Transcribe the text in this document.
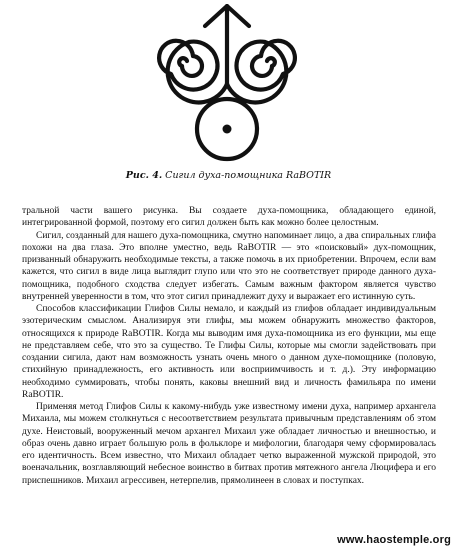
Рис. 4. Сигил духа-помощника RaBOTIR

тральной части вашего рисунка. Вы создаете духа-помощника, обладающего единой, интегрированной формой, поэтому его сигил должен быть как можно более целостным.

Сигил, созданный для нашего духа-помощника, смутно напоминает лицо, а два спиральных глифа похожи на два глаза. Это вполне уместно, ведь RaBOTIR — это «поисковый» дух-помощник, призванный обнаружить необходимые тексты, а также помочь в их приобретении. Впрочем, если вам кажется, что сигил в виде лица выглядит глупо или что это не соответствует природе данного духа-помощника, подобного сходства следует избегать. Самым важным фактором является чувство внутренней уверенности в том, что этот сигил принадлежит духу и выражает его истинную суть.

Способов классификации Глифов Силы немало, и каждый из глифов обладает индивидуальным эзотерическим смыслом. Анализируя эти глифы, мы можем обнаружить множество факторов, относящихся к природе RaBOTIR. Когда мы выводим имя духа-помощника из его функции, мы еще не представляем себе, что это за существо. Те Глифы Силы, которые мы смогли задействовать при создании сигила, дают нам возможность узнать очень много о данном духе-помощнике (половую, стихийную принадлежность, его активность или восприимчивость и т. д.). Эту информацию необходимо суммировать, чтобы понять, каковы внешний вид и личность фамильяра по имени RaBOTIR.

Применяя метод Глифов Силы к какому-нибудь уже известному имени духа, например архангела Михаила, мы можем столкнуться с несоответствием результата привычным представлениям об этом духе. Неистовый, вооруженный мечом архангел Михаил уже обладает личностью и внешностью, и образ очень давно играет большую роль в фольклоре и мифологии, благодаря чему сформировалась его идентичность. Всем известно, что Михаил обладает четко выраженной мужской природой, это военачальник, возглавляющий небесное воинство в битвах против мятежного ангела Люцифера и его приспешников. Михаил агрессивен, нетерпелив, прямолинеен в словах и поступках.

www.haostemple.org
